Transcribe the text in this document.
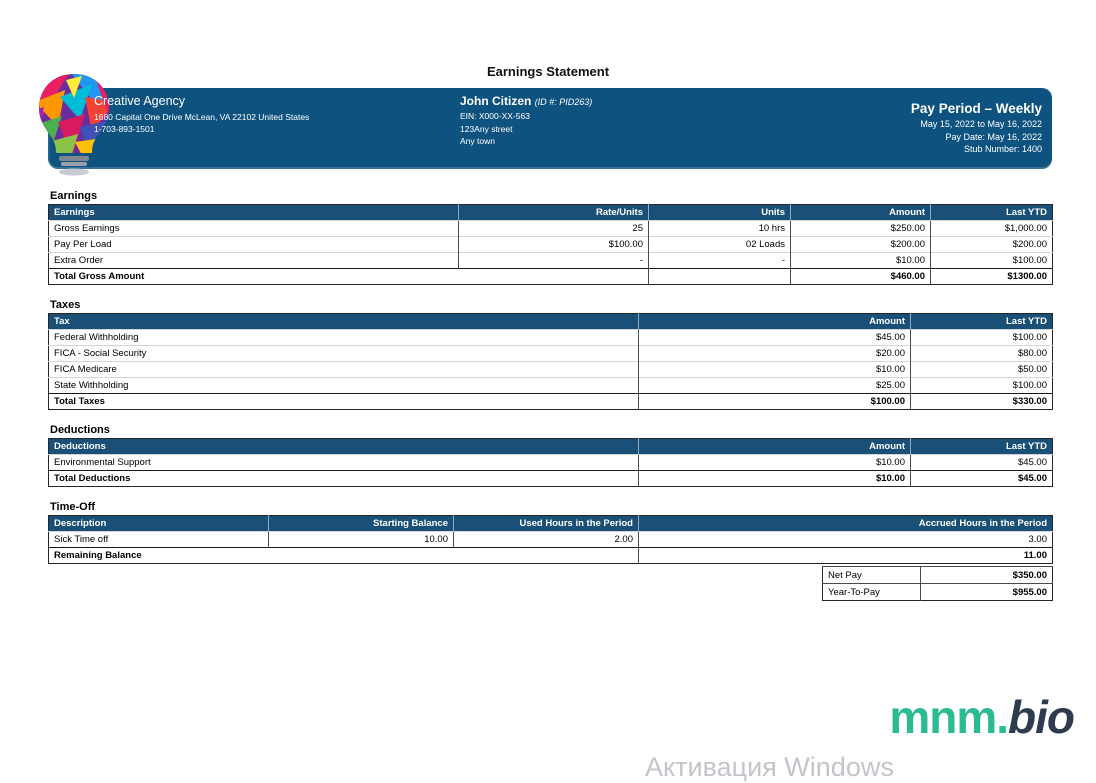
Earnings Statement
Creative Agency
1680 Capital One Drive McLean, VA 22102 United States
1-703-893-1501
John Citizen (ID #: PID263)
EIN: X000-XX-563
123Any street
Any town
Pay Period – Weekly
May 15, 2022 to May 16, 2022
Pay Date: May 16, 2022
Stub Number: 1400
Earnings
Earnings	Rate/Units	Units	Amount	Last YTD
Gross Earnings	25	10 hrs	$250.00	$1,000.00
Pay Per Load	$100.00	02 Loads	$200.00	$200.00
Extra Order	-	-	$10.00	$100.00
Total Gross Amount			$460.00	$1300.00
Taxes
Tax	Amount	Last YTD
Federal Withholding	$45.00	$100.00
FICA - Social Security	$20.00	$80.00
FICA Medicare	$10.00	$50.00
State Withholding	$25.00	$100.00
Total Taxes	$100.00	$330.00
Deductions
Deductions	Amount	Last YTD
Environmental Support	$10.00	$45.00
Total Deductions	$10.00	$45.00
Time-Off
Description	Starting Balance	Used Hours in the Period	Accrued Hours in the Period
Sick Time off	10.00	2.00	3.00
Remaining Balance			11.00
Net Pay	$350.00
Year-To-Pay	$955.00
mnm.bio
Активация Windows
